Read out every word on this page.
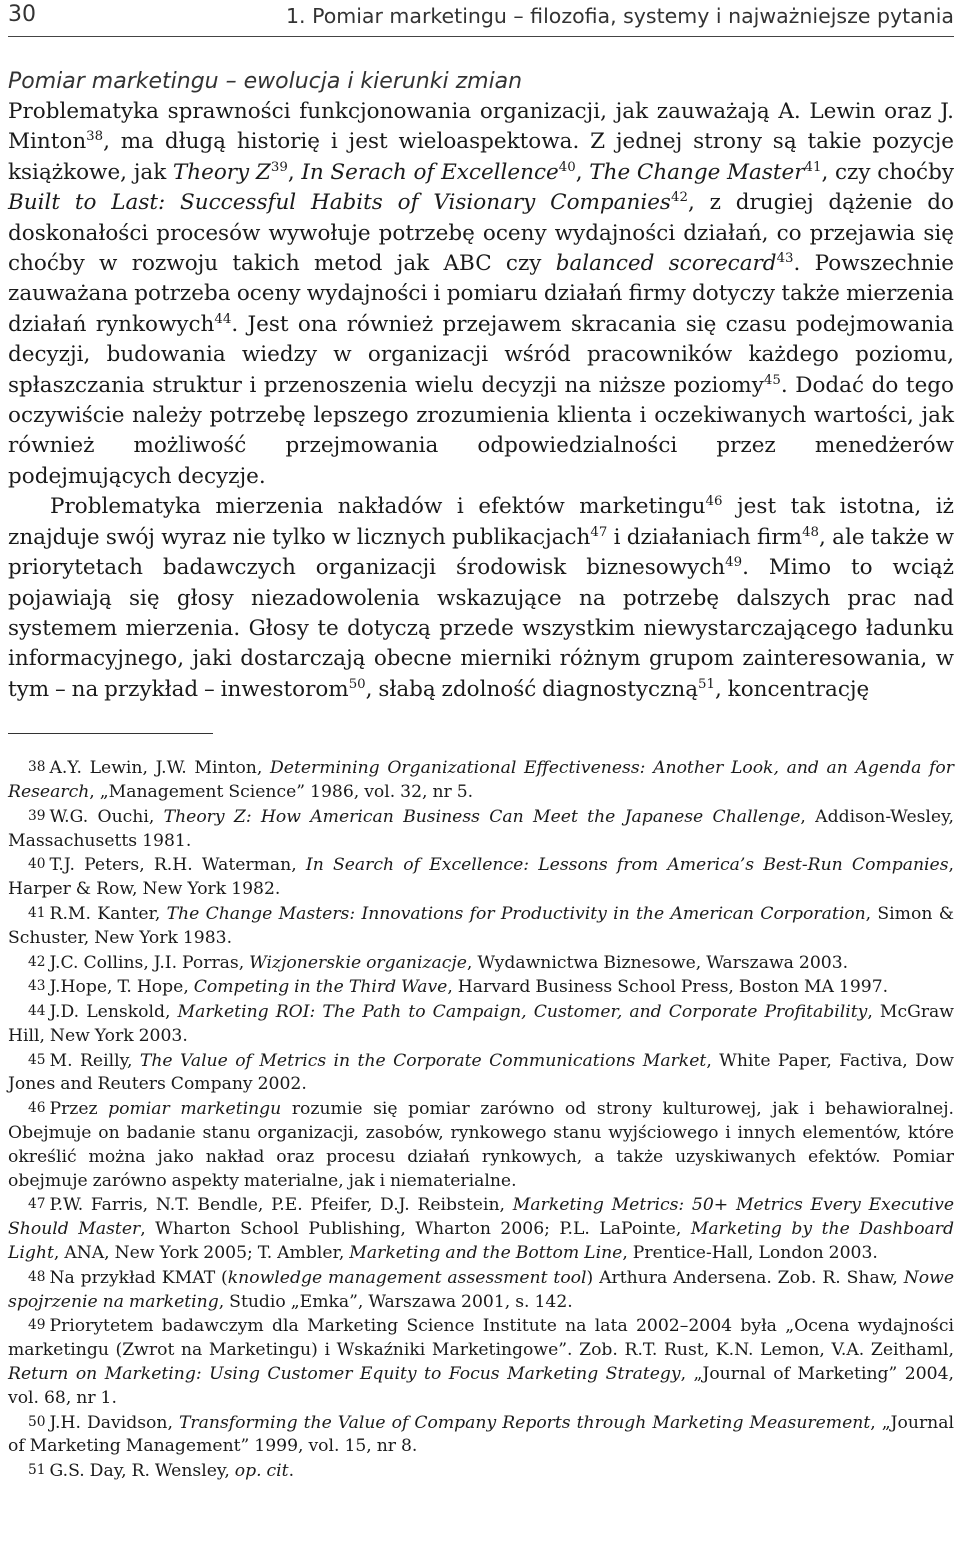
30	1. Pomiar marketingu – filozofia, systemy i najważniejsze pytania
Pomiar marketingu – ewolucja i kierunki zmian

Problematyka sprawności funkcjonowania organizacji, jak zauważają A. Lewin oraz J. Minton$^{38}$, ma długą historię i jest wieloaspektowa. Z jednej strony są takie pozycje książkowe, jak Theory $Z^{39}$, In Serach of Excellence$^{40}$, The Change Master$^{41}$, czy choćby Built to Last: Successful Habits of Visionary Companies$^{42}$, z drugiej dążenie do doskonałości procesów wywołuje potrzebę oceny wydajności działań, co przejawia się choćby w rozwoju takich metod jak ABC czy balanced scorecard$^{43}$. Powszechnie zauważana potrzeba oceny wydajności i pomiaru działań firmy dotyczy także mierzenia działań rynkowych$^{44}$. Jest ona również przejawem skracania się czasu podejmowania decyzji, budowania wiedzy w organizacji wśród pracowników każdego poziomu, spłaszczania struktur i przenoszenia wielu decyzji na niższe poziomy$^{45}$. Dodać do tego oczywiście należy potrzebę lepszego zrozumienia klienta i oczekiwanych wartości, jak również możliwość przejmowania odpowiedzialności przez menedżerów podejmujących decyzje.

Problematyka mierzenia nakładów i efektów marketingu$^{46}$ jest tak istotna, iż znajduje swój wyraz nie tylko w licznych publikacjach$^{47}$ i działaniach firm$^{48}$, ale także w priorytetach badawczych organizacji środowisk biznesowych$^{49}$. Mimo to wciąż pojawiają się głosy niezadowolenia wskazujące na potrzebę dalszych prac nad systemem mierzenia. Głosy te dotyczą przede wszystkim niewystarczającego ładunku informacyjnego, jaki dostarczają obecne mierniki różnym grupom zainteresowania, w tym – na przykład – inwestorom$^{50}$, słabą zdolność diagnostyczną$^{51}$, koncentrację

38 A.Y. Lewin, J.W. Minton, Determining Organizational Effectiveness: Another Look, and an Agenda for Research, „Management Science” 1986, vol. 32, nr 5.

39 W.G. Ouchi, Theory Z: How American Business Can Meet the Japanese Challenge, Addison-Wesley, Massachusetts 1981.

40 T.J. Peters, R.H. Waterman, In Search of Excellence: Lessons from America’s Best-Run Companies, Harper & Row, New York 1982.

41 R.M. Kanter, The Change Masters: Innovations for Productivity in the American Corporation, Simon & Schuster, New York 1983.

42 J.C. Collins, J.I. Porras, Wizjonerskie organizacje, Wydawnictwa Biznesowe, Warszawa 2003.

43 J.Hope, T. Hope, Competing in the Third Wave, Harvard Business School Press, Boston MA 1997.

44 J.D. Lenskold, Marketing ROI: The Path to Campaign, Customer, and Corporate Profitability, McGraw Hill, New York 2003.

45 M. Reilly, The Value of Metrics in the Corporate Communications Market, White Paper, Factiva, Dow Jones and Reuters Company 2002.

46 Przez pomiar marketingu rozumie się pomiar zarówno od strony kulturowej, jak i behawioralnej. Obejmuje on badanie stanu organizacji, zasobów, rynkowego stanu wyjściowego i innych elementów, które określić można jako nakład oraz procesu działań rynkowych, a także uzyskiwanych efektów. Pomiar obejmuje zarówno aspekty materialne, jak i niematerialne.

47 P.W. Farris, N.T. Bendle, P.E. Pfeifer, D.J. Reibstein, Marketing Metrics: 50+ Metrics Every Executive Should Master, Wharton School Publishing, Wharton 2006; P.L. LaPointe, Marketing by the Dashboard Light, ANA, New York 2005; T. Ambler, Marketing and the Bottom Line, Prentice-Hall, London 2003.

48 Na przykład KMAT (knowledge management assessment tool) Arthura Andersena. Zob. R. Shaw, Nowe spojrzenie na marketing, Studio „Emka”, Warszawa 2001, s. 142.

49 Priorytetem badawczym dla Marketing Science Institute na lata 2002–2004 była „Ocena wydajności marketingu (Zwrot na Marketingu) i Wskaźniki Marketingowe”. Zob. R.T. Rust, K.N. Lemon, V.A. Zeithaml, Return on Marketing: Using Customer Equity to Focus Marketing Strategy, „Journal of Marketing” 2004, vol. 68, nr 1.

50 J.H. Davidson, Transforming the Value of Company Reports through Marketing Measurement, „Journal of Marketing Management” 1999, vol. 15, nr 8.

51 G.S. Day, R. Wensley, op. cit.
